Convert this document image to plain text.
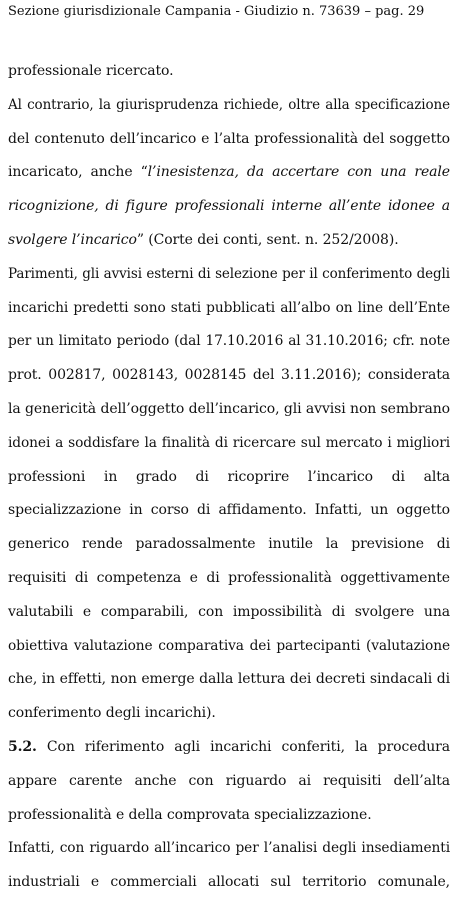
Sezione giurisdizionale Campania - Giudizio n. 73639 – pag. 29
professionale ricercato.
Al contrario, la giurisprudenza richiede, oltre alla specificazione
del contenuto dell’incarico e l’alta professionalità del soggetto
incaricato, anche “l’inesistenza, da accertare con una reale
ricognizione, di figure professionali interne all’ente idonee a
svolgere l’incarico” (Corte dei conti, sent. n. 252/2008).
Parimenti, gli avvisi esterni di selezione per il conferimento degli
incarichi predetti sono stati pubblicati all’albo on line dell’Ente
per un limitato periodo (dal 17.10.2016 al 31.10.2016; cfr. note
prot. 002817, 0028143, 0028145 del 3.11.2016); considerata
la genericità dell’oggetto dell’incarico, gli avvisi non sembrano
idonei a soddisfare la finalità di ricercare sul mercato i migliori
professioni in grado di ricoprire l’incarico di alta
specializzazione in corso di affidamento. Infatti, un oggetto
generico rende paradossalmente inutile la previsione di
requisiti di competenza e di professionalità oggettivamente
valutabili e comparabili, con impossibilità di svolgere una
obiettiva valutazione comparativa dei partecipanti (valutazione
che, in effetti, non emerge dalla lettura dei decreti sindacali di
conferimento degli incarichi).
5.2. Con riferimento agli incarichi conferiti, la procedura
appare carente anche con riguardo ai requisiti dell’alta
professionalità e della comprovata specializzazione.
Infatti, con riguardo all’incarico per l’analisi degli insediamenti
industriali e commerciali allocati sul territorio comunale,
